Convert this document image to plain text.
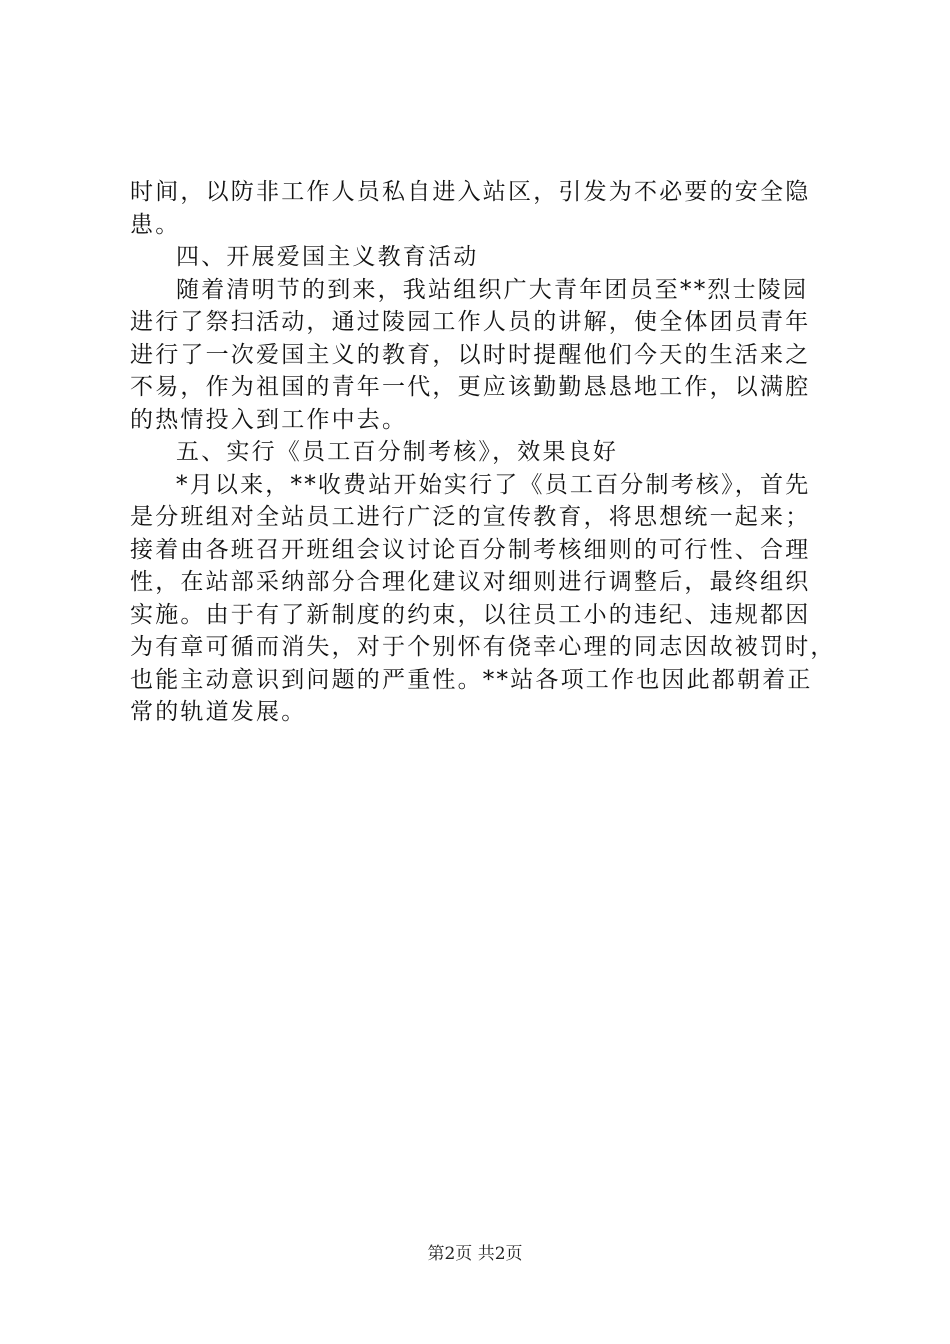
时间，以防非工作人员私自进入站区，引发为不必要的安全隐
患。
四、开展爱国主义教育活动
随着清明节的到来，我站组织广大青年团员至**烈士陵园
进行了祭扫活动，通过陵园工作人员的讲解，使全体团员青年
进行了一次爱国主义的教育，以时时提醒他们今天的生活来之
不易，作为祖国的青年一代，更应该勤勤恳恳地工作，以满腔
的热情投入到工作中去。
五、实行《员工百分制考核》，效果良好
*月以来，**收费站开始实行了《员工百分制考核》，首先
是分班组对全站员工进行广泛的宣传教育，将思想统一起来；
接着由各班召开班组会议讨论百分制考核细则的可行性、合理
性，在站部采纳部分合理化建议对细则进行调整后，最终组织
实施。由于有了新制度的约束，以往员工小的违纪、违规都因
为有章可循而消失，对于个别怀有侥幸心理的同志因故被罚时，
也能主动意识到问题的严重性。**站各项工作也因此都朝着正
常的轨道发展。
第2页 共2页
